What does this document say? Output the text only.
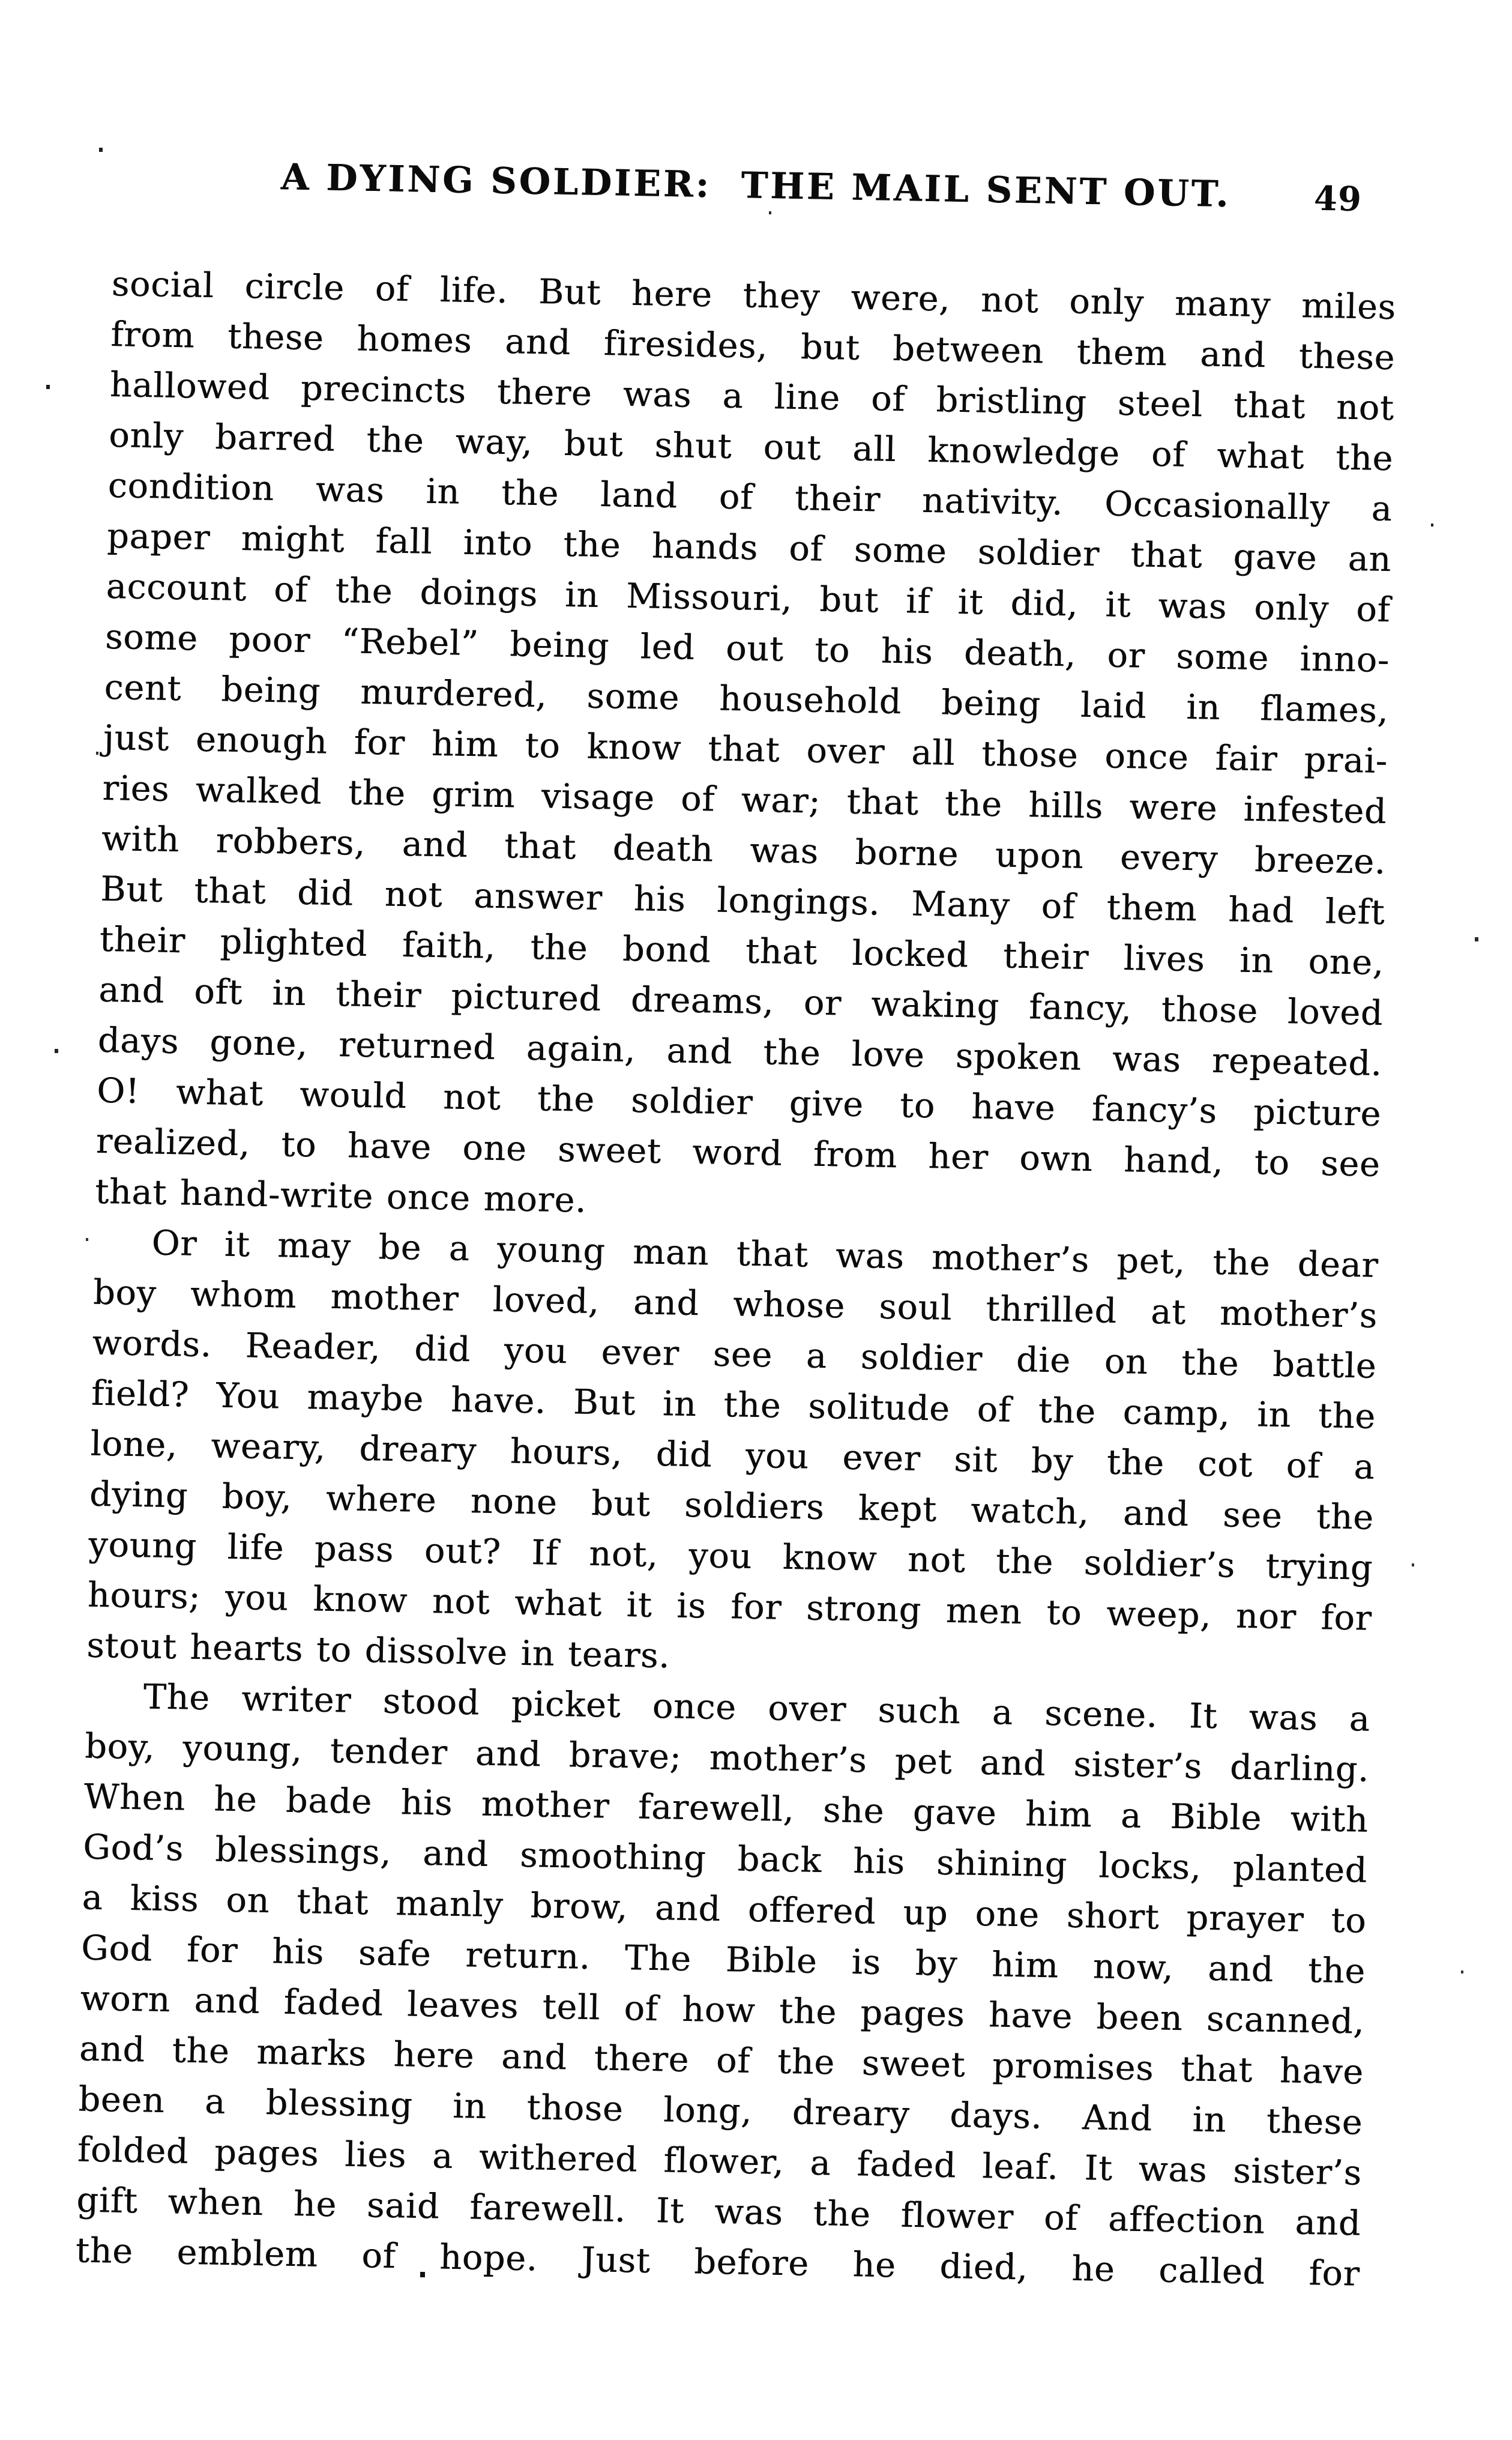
A DYING SOLDIER:  THE MAIL SENT OUT.

49

social circle of life. But here they were, not only many miles
from these homes and firesides, but between them and these
hallowed precincts there was a line of bristling steel that not
only barred the way, but shut out all knowledge of what the
condition was in the land of their nativity. Occasionally a
paper might fall into the hands of some soldier that gave an
account of the doings in Missouri, but if it did, it was only of
some poor “Rebel” being led out to his death, or some inno-
cent being murdered, some household being laid in flames,
just enough for him to know that over all those once fair prai-
ries walked the grim visage of war; that the hills were infested
with robbers, and that death was borne upon every breeze.
But that did not answer his longings. Many of them had left
their plighted faith, the bond that locked their lives in one,
and oft in their pictured dreams, or waking fancy, those loved
days gone, returned again, and the love spoken was repeated.
O! what would not the soldier give to have fancy’s picture
realized, to have one sweet word from her own hand, to see
that hand-write once more.
Or it may be a young man that was mother’s pet, the dear
boy whom mother loved, and whose soul thrilled at mother’s
words. Reader, did you ever see a soldier die on the battle
field? You maybe have. But in the solitude of the camp, in the
lone, weary, dreary hours, did you ever sit by the cot of a
dying boy, where none but soldiers kept watch, and see the
young life pass out? If not, you know not the soldier’s trying
hours; you know not what it is for strong men to weep, nor for
stout hearts to dissolve in tears.
The writer stood picket once over such a scene. It was a
boy, young, tender and brave; mother’s pet and sister’s darling.
When he bade his mother farewell, she gave him a Bible with
God’s blessings, and smoothing back his shining locks, planted
a kiss on that manly brow, and offered up one short prayer to
God for his safe return. The Bible is by him now, and the
worn and faded leaves tell of how the pages have been scanned,
and the marks here and there of the sweet promises that have
been a blessing in those long, dreary days. And in these
folded pages lies a withered flower, a faded leaf. It was sister’s
gift when he said farewell. It was the flower of affection and
the emblem of hope. Just before he died, he called for
